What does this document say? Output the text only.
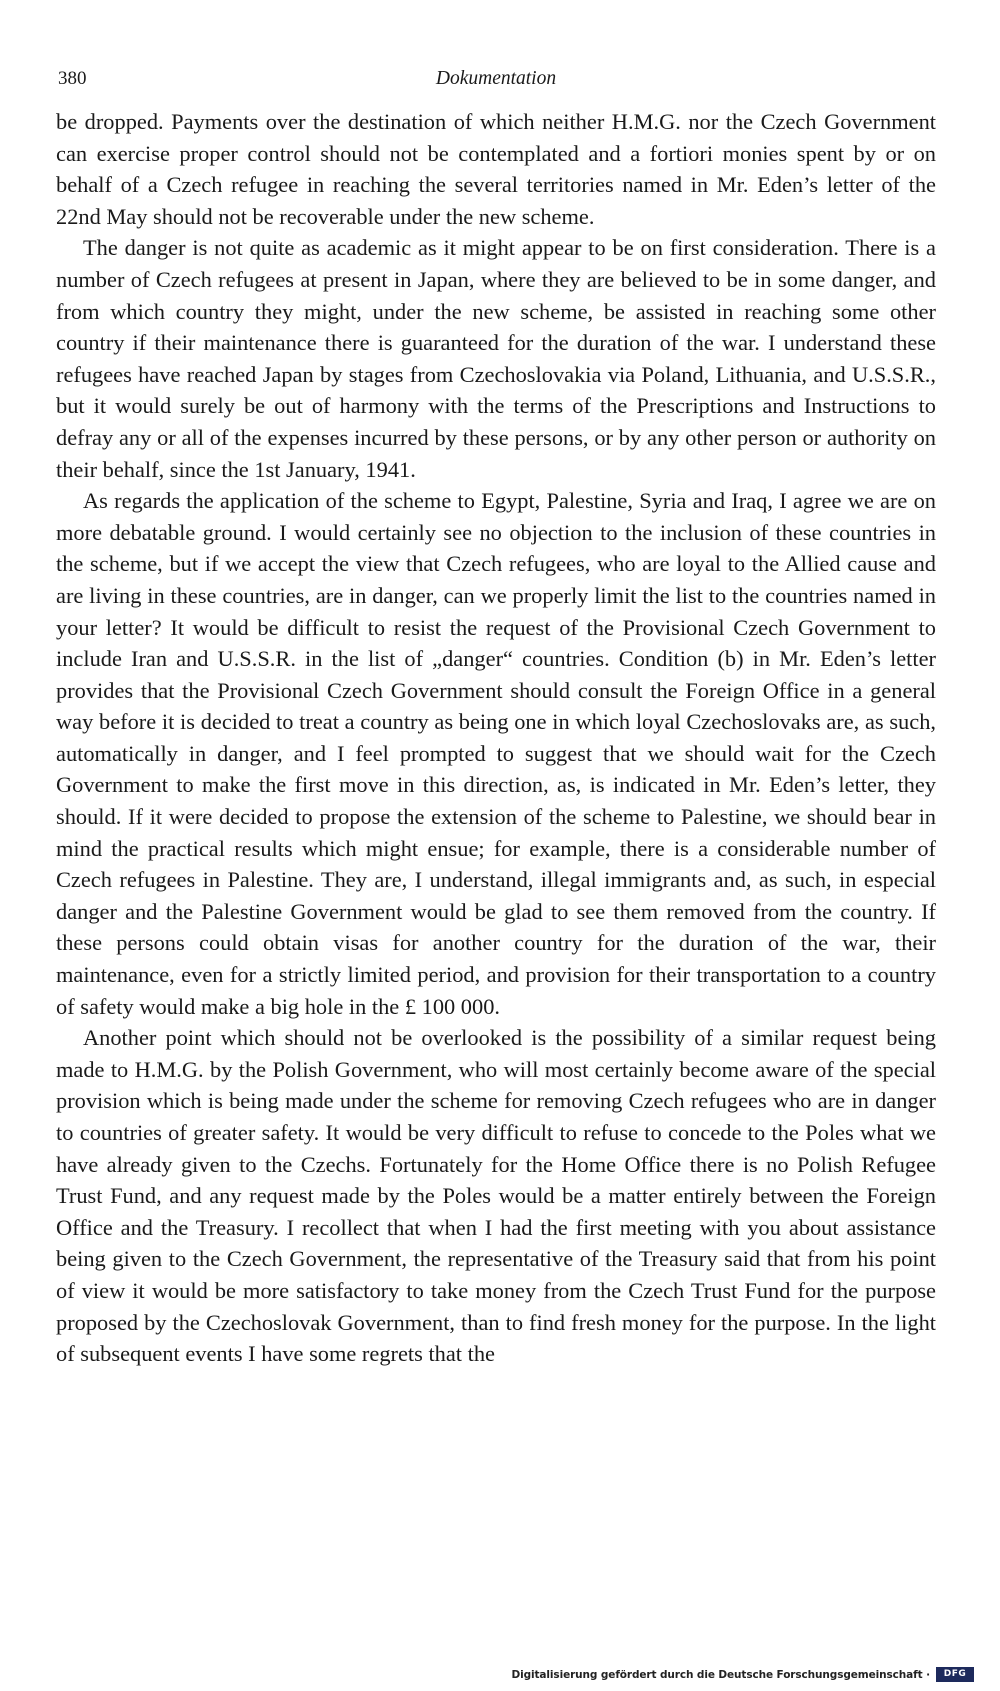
380	Dokumentation

be dropped. Payments over the destination of which neither H.M.G. nor the Czech Government can exercise proper control should not be contemplated and a fortiori monies spent by or on behalf of a Czech refugee in reaching the several territories named in Mr. Eden’s letter of the 22nd May should not be recoverable under the new scheme.

The danger is not quite as academic as it might appear to be on first consideration. There is a number of Czech refugees at present in Japan, where they are believed to be in some danger, and from which country they might, under the new scheme, be assisted in reaching some other country if their maintenance there is guaranteed for the duration of the war. I understand these refugees have reached Japan by stages from Czechoslovakia via Poland, Lithuania, and U.S.S.R., but it would surely be out of harmony with the terms of the Prescriptions and Instructions to defray any or all of the expenses incurred by these persons, or by any other person or authority on their behalf, since the 1st January, 1941.

As regards the application of the scheme to Egypt, Palestine, Syria and Iraq, I agree we are on more debatable ground. I would certainly see no objection to the inclusion of these countries in the scheme, but if we accept the view that Czech refugees, who are loyal to the Allied cause and are living in these countries, are in danger, can we properly limit the list to the countries named in your letter? It would be difficult to resist the request of the Provisional Czech Government to include Iran and U.S.S.R. in the list of „danger“ countries. Condition (b) in Mr. Eden’s letter provides that the Provisional Czech Government should consult the Foreign Office in a general way before it is decided to treat a country as being one in which loyal Czechoslovaks are, as such, automatically in danger, and I feel prompted to suggest that we should wait for the Czech Government to make the first move in this direction, as, is indicated in Mr. Eden’s letter, they should. If it were decided to propose the extension of the scheme to Palestine, we should bear in mind the practical results which might ensue; for example, there is a considerable number of Czech refugees in Palestine. They are, I understand, illegal immigrants and, as such, in especial danger and the Palestine Government would be glad to see them removed from the country. If these persons could obtain visas for another country for the duration of the war, their maintenance, even for a strictly limited period, and provision for their transportation to a country of safety would make a big hole in the £ 100 000.

Another point which should not be overlooked is the possibility of a similar request being made to H.M.G. by the Polish Government, who will most certainly become aware of the special provision which is being made under the scheme for removing Czech refugees who are in danger to countries of greater safety. It would be very difficult to refuse to concede to the Poles what we have already given to the Czechs. Fortunately for the Home Office there is no Polish Refugee Trust Fund, and any request made by the Poles would be a matter entirely between the Foreign Office and the Treasury. I recollect that when I had the first meeting with you about assistance being given to the Czech Government, the representative of the Treasury said that from his point of view it would be more satisfactory to take money from the Czech Trust Fund for the purpose proposed by the Czechoslovak Government, than to find fresh money for the purpose. In the light of subsequent events I have some regrets that the

Digitalisierung gefördert durch die Deutsche Forschungsgemeinschaft ·	DFG
